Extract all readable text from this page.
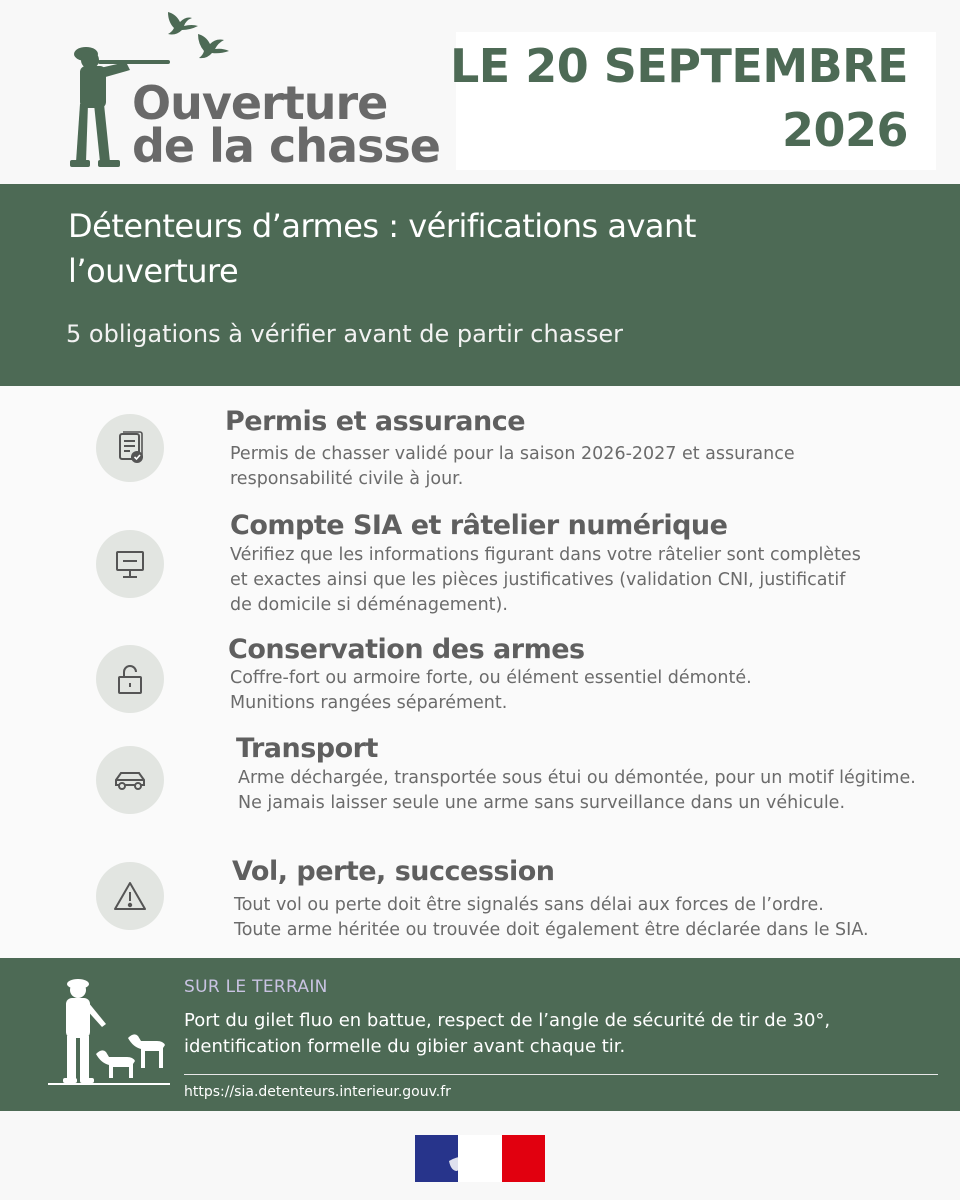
Ouverture
de la chasse
LE 20 SEPTEMBRE
2026
Détenteurs d’armes : vérifications avant l’ouverture
5 obligations à vérifier avant de partir chasser
Permis et assurance
Permis de chasser validé pour la saison 2026-2027 et assurance
responsabilité civile à jour.
Compte SIA et râtelier numérique
Vérifiez que les informations figurant dans votre râtelier sont complètes
et exactes ainsi que les pièces justificatives (validation CNI, justificatif
de domicile si déménagement).
Conservation des armes
Coffre-fort ou armoire forte, ou élément essentiel démonté.
Munitions rangées séparément.
Transport
Arme déchargée, transportée sous étui ou démontée, pour un motif légitime.
Ne jamais laisser seule une arme sans surveillance dans un véhicule.
Vol, perte, succession
Tout vol ou perte doit être signalés sans délai aux forces de l’ordre.
Toute arme héritée ou trouvée doit également être déclarée dans le SIA.
SUR LE TERRAIN
Port du gilet fluo en battue, respect de l’angle de sécurité de tir de 30°,
identification formelle du gibier avant chaque tir.
https://sia.detenteurs.interieur.gouv.fr
